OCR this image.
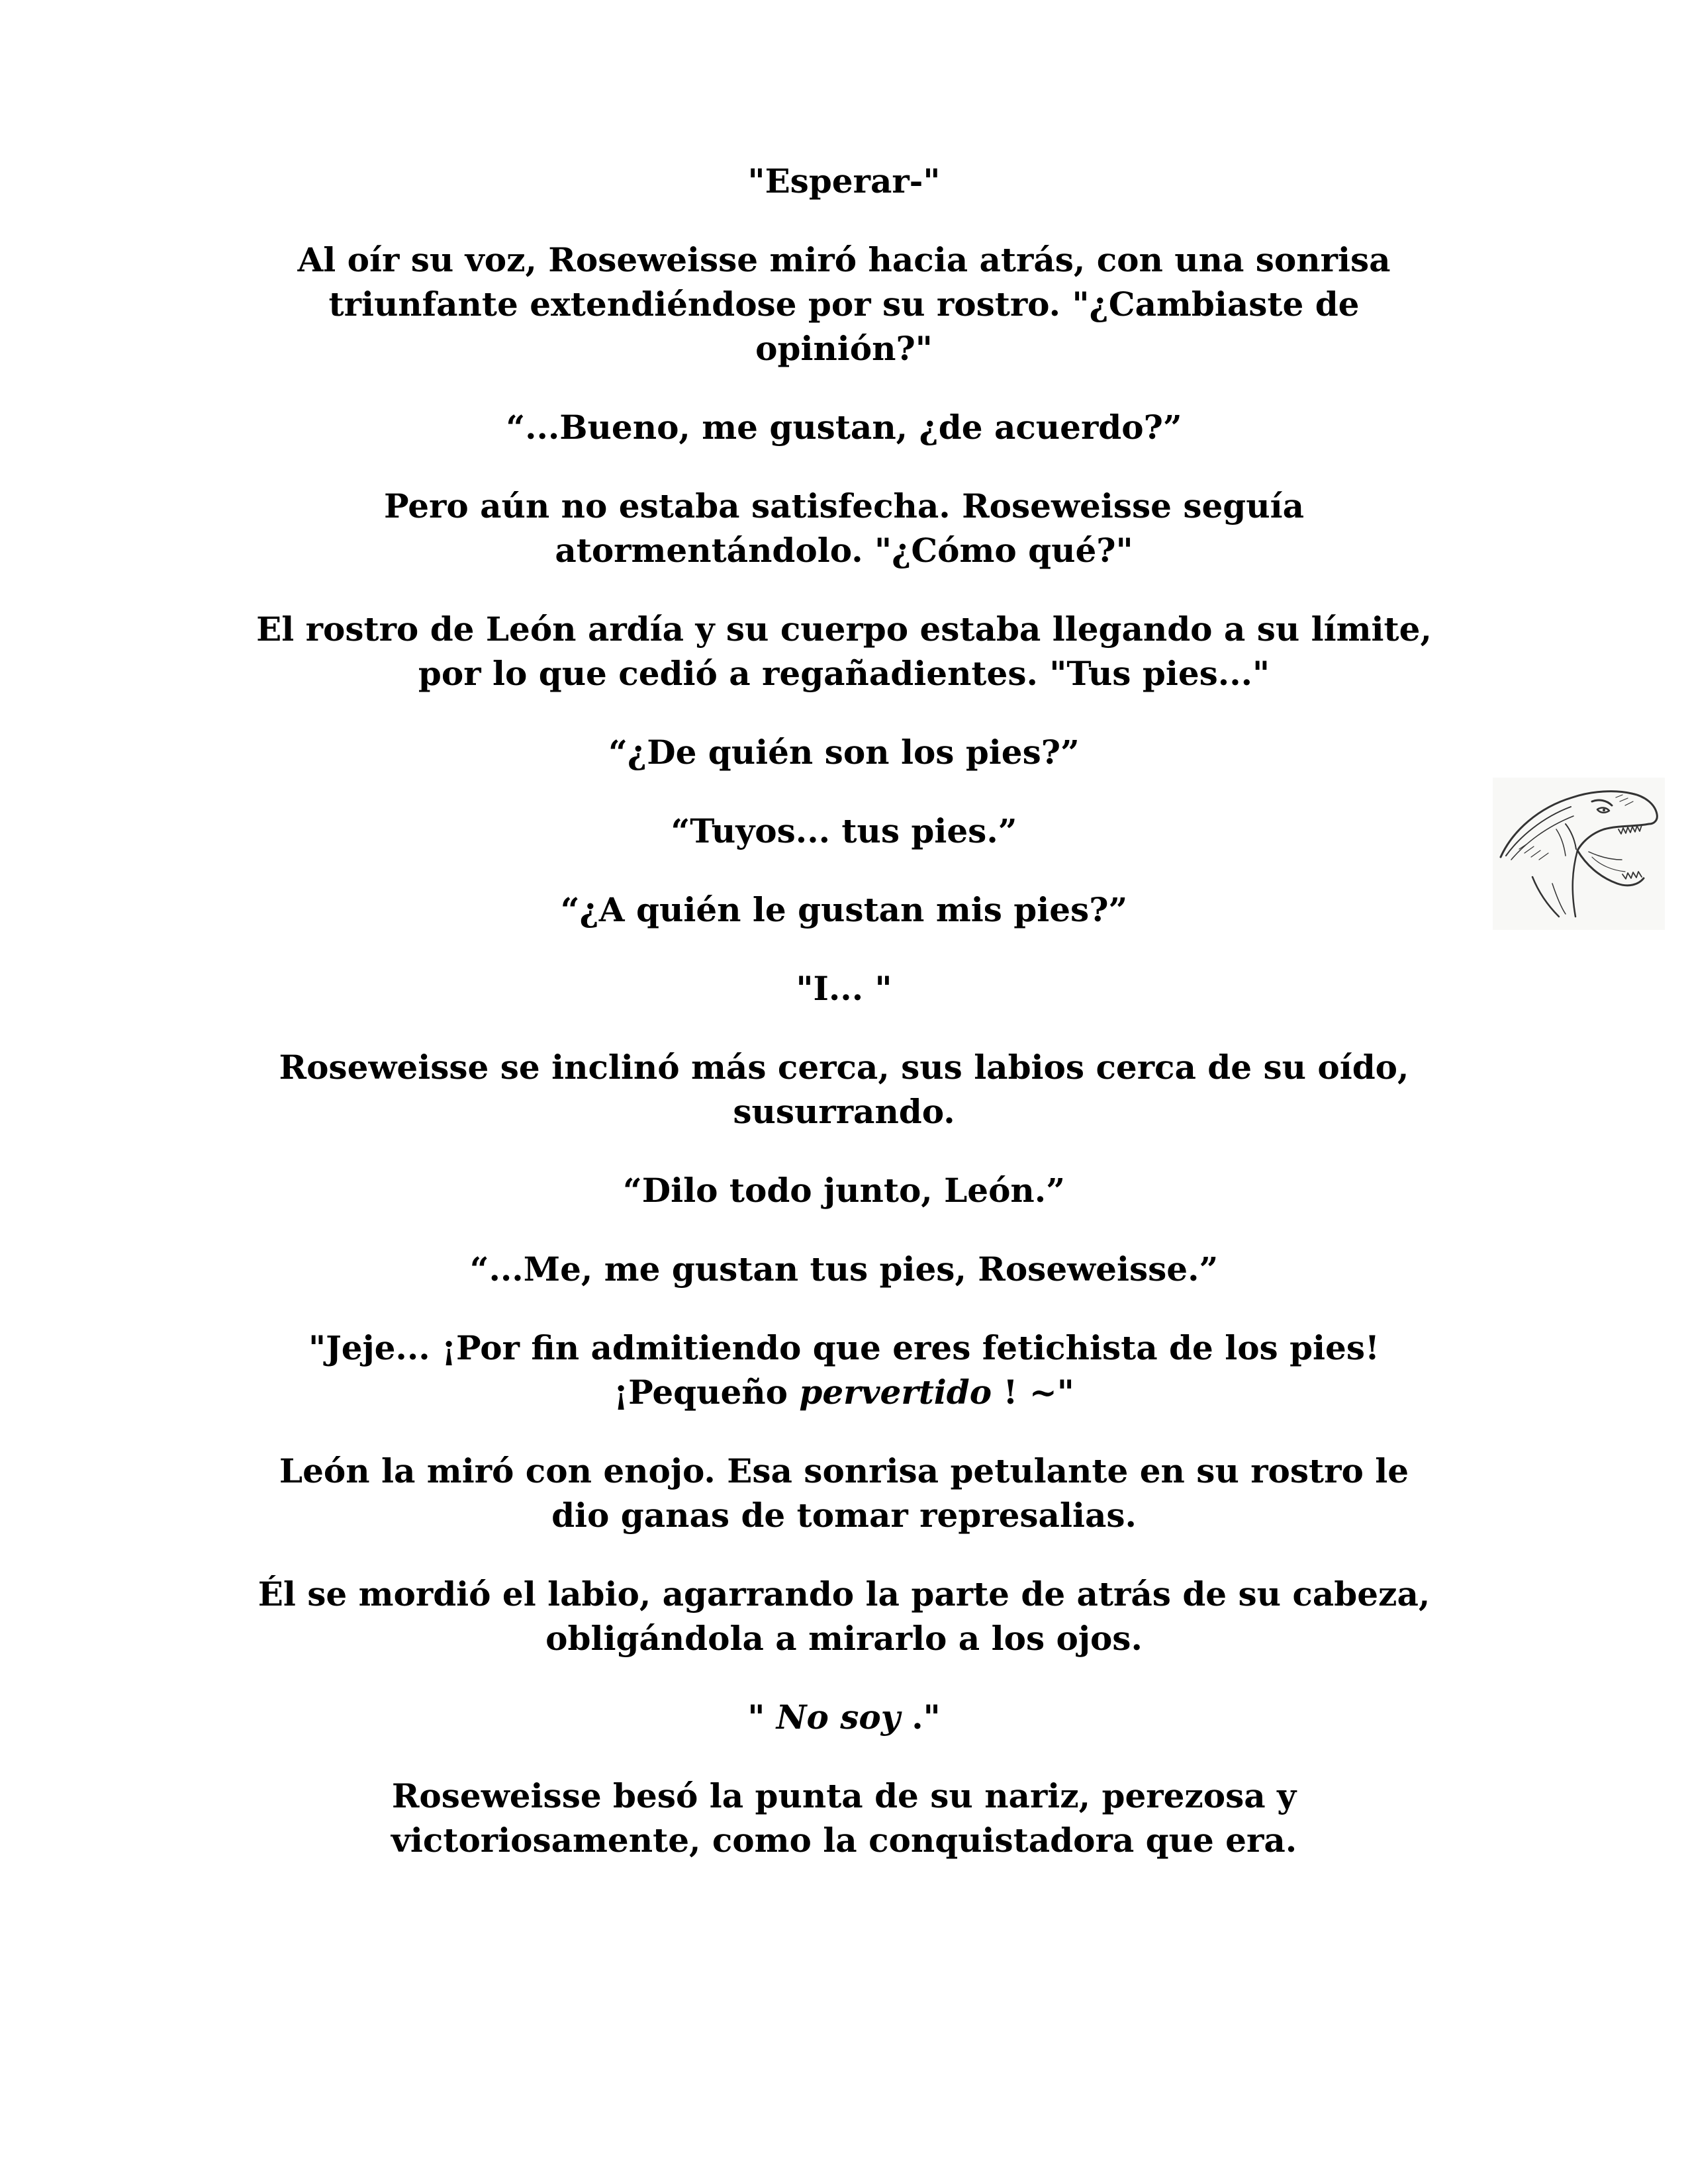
"Esperar-"

Al oír su voz, Roseweisse miró hacia atrás, con una sonrisa
triunfante extendiéndose por su rostro. "¿Cambiaste de
opinión?"

“...Bueno, me gustan, ¿de acuerdo?”

Pero aún no estaba satisfecha. Roseweisse seguía
atormentándolo. "¿Cómo qué?"

El rostro de León ardía y su cuerpo estaba llegando a su límite,
por lo que cedió a regañadientes. "Tus pies..."

“¿De quién son los pies?”

“Tuyos... tus pies.”

“¿A quién le gustan mis pies?”

"I... "

Roseweisse se inclinó más cerca, sus labios cerca de su oído,
susurrando.

“Dilo todo junto, León.”

“...Me, me gustan tus pies, Roseweisse.”

"Jeje... ¡Por fin admitiendo que eres fetichista de los pies!
¡Pequeño pervertido ! ~"

León la miró con enojo. Esa sonrisa petulante en su rostro le
dio ganas de tomar represalias.

Él se mordió el labio, agarrando la parte de atrás de su cabeza,
obligándola a mirarlo a los ojos.

" No soy ."

Roseweisse besó la punta de su nariz, perezosa y
victoriosamente, como la conquistadora que era.
